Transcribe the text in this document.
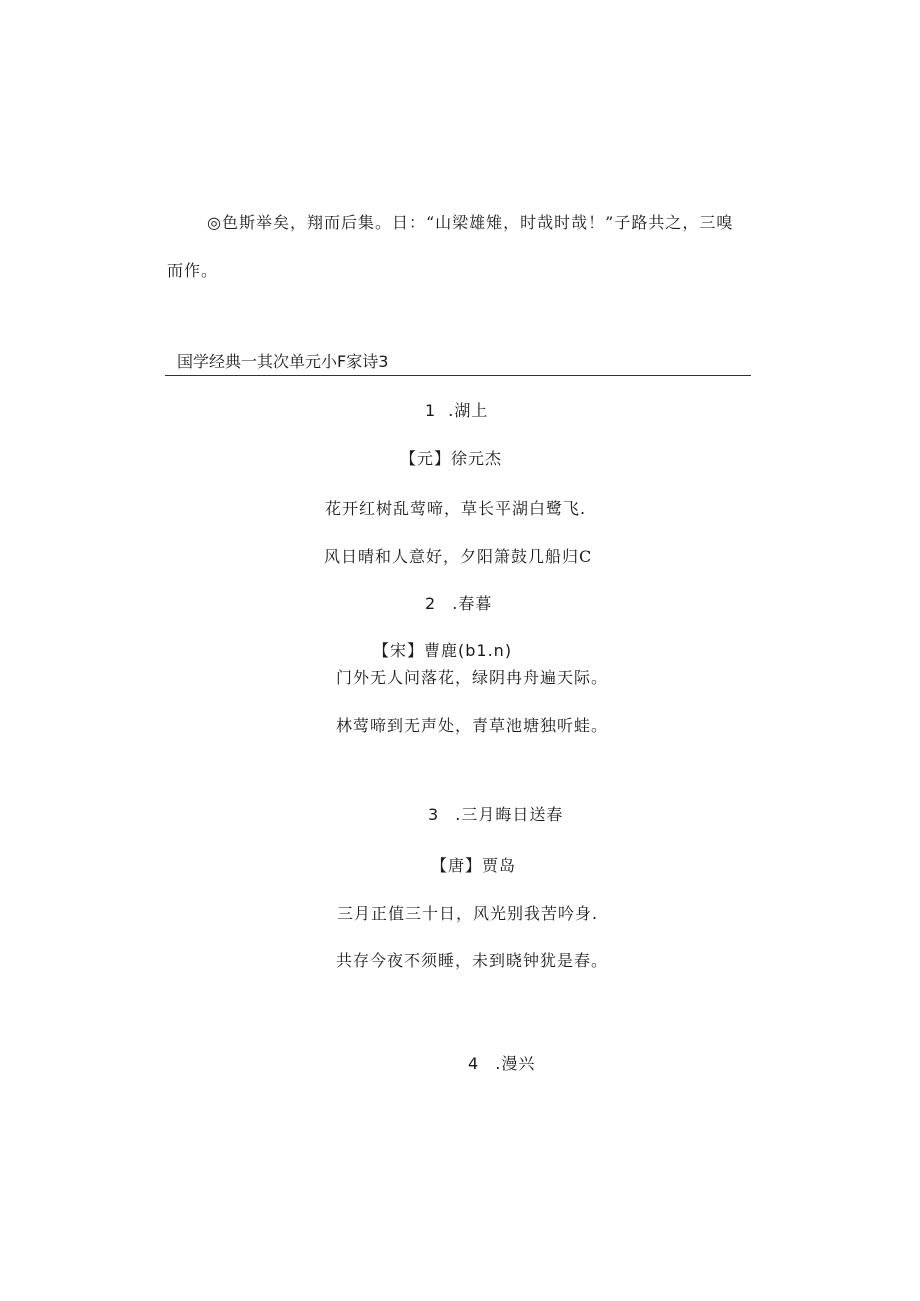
◎色斯举矣，翔而后集。日：“山梁雄雉，时哉时哉！”子路共之，三嗅
而作。
国学经典一其次单元小F家诗3
1 .湖上
【元】徐元杰
花开红树乱莺啼，草长平湖白鹭飞.
风日晴和人意好，夕阳箫鼓几船归C
2 .春暮
【宋】曹鹿(b1.n)
门外无人问落花，绿阴冉舟遍天际。
林莺啼到无声处，青草池塘独听蛙。
3 .三月晦日送春
【唐】贾岛
三月正值三十日，风光别我苦吟身.
共存今夜不须睡，未到晓钟犹是春。
4 .漫兴
